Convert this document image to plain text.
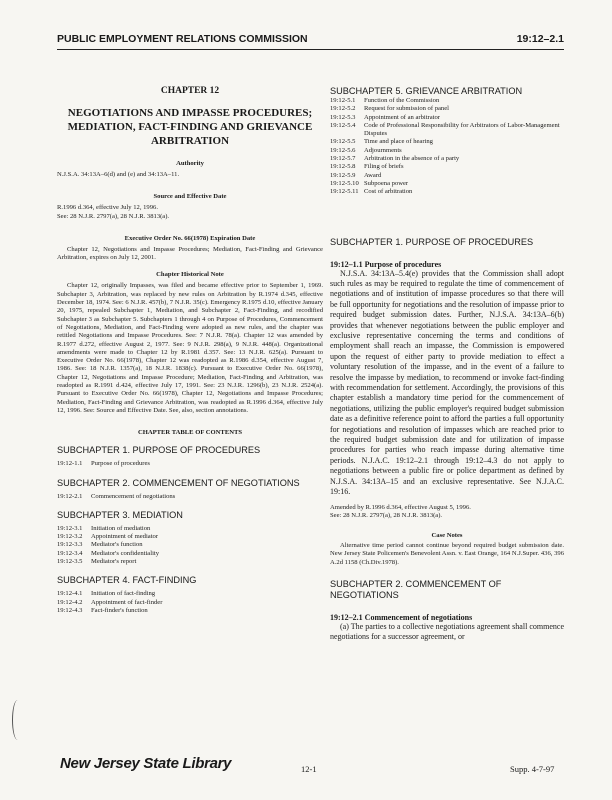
PUBLIC EMPLOYMENT RELATIONS COMMISSION	19:12–2.1
CHAPTER 12
NEGOTIATIONS AND IMPASSE PROCEDURES; MEDIATION, FACT-FINDING AND GRIEVANCE ARBITRATION
Authority
N.J.S.A. 34:13A–6(d) and (e) and 34:13A–11.
Source and Effective Date
R.1996 d.364, effective July 12, 1996.
See: 28 N.J.R. 2797(a), 28 N.J.R. 3813(a).
Executive Order No. 66(1978) Expiration Date
Chapter 12, Negotiations and Impasse Procedures; Mediation, Fact-Finding and Grievance Arbitration, expires on July 12, 2001.
Chapter Historical Note
Chapter 12, originally Impasses, was filed and became effective prior to September 1, 1969. Subchapter 3, Arbitration, was replaced by new rules on Arbitration by R.1974 d.345, effective December 18, 1974. See: 6 N.J.R. 457(b), 7 N.J.R. 35(c). Emergency R.1975 d.10, effective January 20, 1975, repealed Subchapter 1, Mediation, and Subchapter 2, Fact-Finding, and recodified Subchapter 3 as Subchapter 5. Subchapters 1 through 4 on Purpose of Procedures, Commencement of Negotiations, Mediation, and Fact-Finding were adopted as new rules, and the chapter was retitled Negotiations and Impasse Procedures. See: 7 N.J.R. 78(a). Chapter 12 was amended by R.1977 d.272, effective August 2, 1977. See: 9 N.J.R. 298(a), 9 N.J.R. 448(a). Organizational amendments were made to Chapter 12 by R.1981 d.357. See: 13 N.J.R. 625(a). Pursuant to Executive Order No. 66(1978), Chapter 12 was readopted as R.1986 d.354, effective August 7, 1986. See: 18 N.J.R. 1357(a), 18 N.J.R. 1838(c). Pursuant to Executive Order No. 66(1978), Chapter 12, Negotiations and Impasse Procedure; Mediation, Fact-Finding and Arbitration, was readopted as R.1991 d.424, effective July 17, 1991. See: 23 N.J.R. 1296(b), 23 N.J.R. 2524(a). Pursuant to Executive Order No. 66(1978), Chapter 12, Negotiations and Impasse Procedures; Mediation, Fact-Finding and Grievance Arbitration, was readopted as R.1996 d.364, effective July 12, 1996. See: Source and Effective Date. See, also, section annotations.
CHAPTER TABLE OF CONTENTS
SUBCHAPTER 1. PURPOSE OF PROCEDURES
19:12-1.1	Purpose of procedures
SUBCHAPTER 2. COMMENCEMENT OF NEGOTIATIONS
19:12-2.1	Commencement of negotiations
SUBCHAPTER 3. MEDIATION
19:12-3.1	Initiation of mediation
19:12-3.2	Appointment of mediator
19:12-3.3	Mediator's function
19:12-3.4	Mediator's confidentiality
19:12-3.5	Mediator's report
SUBCHAPTER 4. FACT-FINDING
19:12-4.1	Initiation of fact-finding
19:12-4.2	Appointment of fact-finder
19:12-4.3	Fact-finder's function
SUBCHAPTER 5. GRIEVANCE ARBITRATION
19:12-5.1	Function of the Commission
19:12-5.2	Request for submission of panel
19:12-5.3	Appointment of an arbitrator
19:12-5.4	Code of Professional Responsibility for Arbitrators of Labor-Management Disputes
19:12-5.5	Time and place of hearing
19:12-5.6	Adjournments
19:12-5.7	Arbitration in the absence of a party
19:12-5.8	Filing of briefs
19:12-5.9	Award
19:12-5.10 Subpoena power
19:12-5.11 Cost of arbitration
SUBCHAPTER 1. PURPOSE OF PROCEDURES
19:12–1.1 Purpose of procedures
N.J.S.A. 34:13A–5.4(e) provides that the Commission shall adopt such rules as may be required to regulate the time of commencement of negotiations and of institution of impasse procedures so that there will be full opportunity for negotiations and the resolution of impasse prior to required budget submission dates. Further, N.J.S.A. 34:13A–6(b) provides that whenever negotiations between the public employer and exclusive representative concerning the terms and conditions of employment shall reach an impasse, the Commission is empowered upon the request of either party to provide mediation to effect a voluntary resolution of the impasse, and in the event of a failure to resolve the impasse by mediation, to recommend or invoke fact-finding with recommendation for settlement. Accordingly, the provisions of this chapter establish a mandatory time period for the commencement of negotiations, utilizing the public employer's required budget submission date as a definitive reference point to afford the parties a full opportunity for negotiations and resolution of impasses which are reached prior to the required budget submission date and for utilization of impasse procedures for parties who reach impasse during alternative time periods. N.J.A.C. 19:12–2.1 through 19:12–4.3 do not apply to negotiations between a public fire or police department as defined by N.J.S.A. 34:13A–15 and an exclusive representative. See N.J.A.C. 19:16.
Amended by R.1996 d.364, effective August 5, 1996.
See: 28 N.J.R. 2797(a), 28 N.J.R. 3813(a).
Case Notes
Alternative time period cannot continue beyond required budget submission date. New Jersey State Policemen's Benevolent Assn. v. East Orange, 164 N.J.Super. 436, 396 A.2d 1158 (Ch.Div.1978).
SUBCHAPTER 2. COMMENCEMENT OF NEGOTIATIONS
19:12–2.1 Commencement of negotiations
(a) The parties to a collective negotiations agreement shall commence negotiations for a successor agreement, or
New Jersey State Library	12-1	Supp. 4-7-97
